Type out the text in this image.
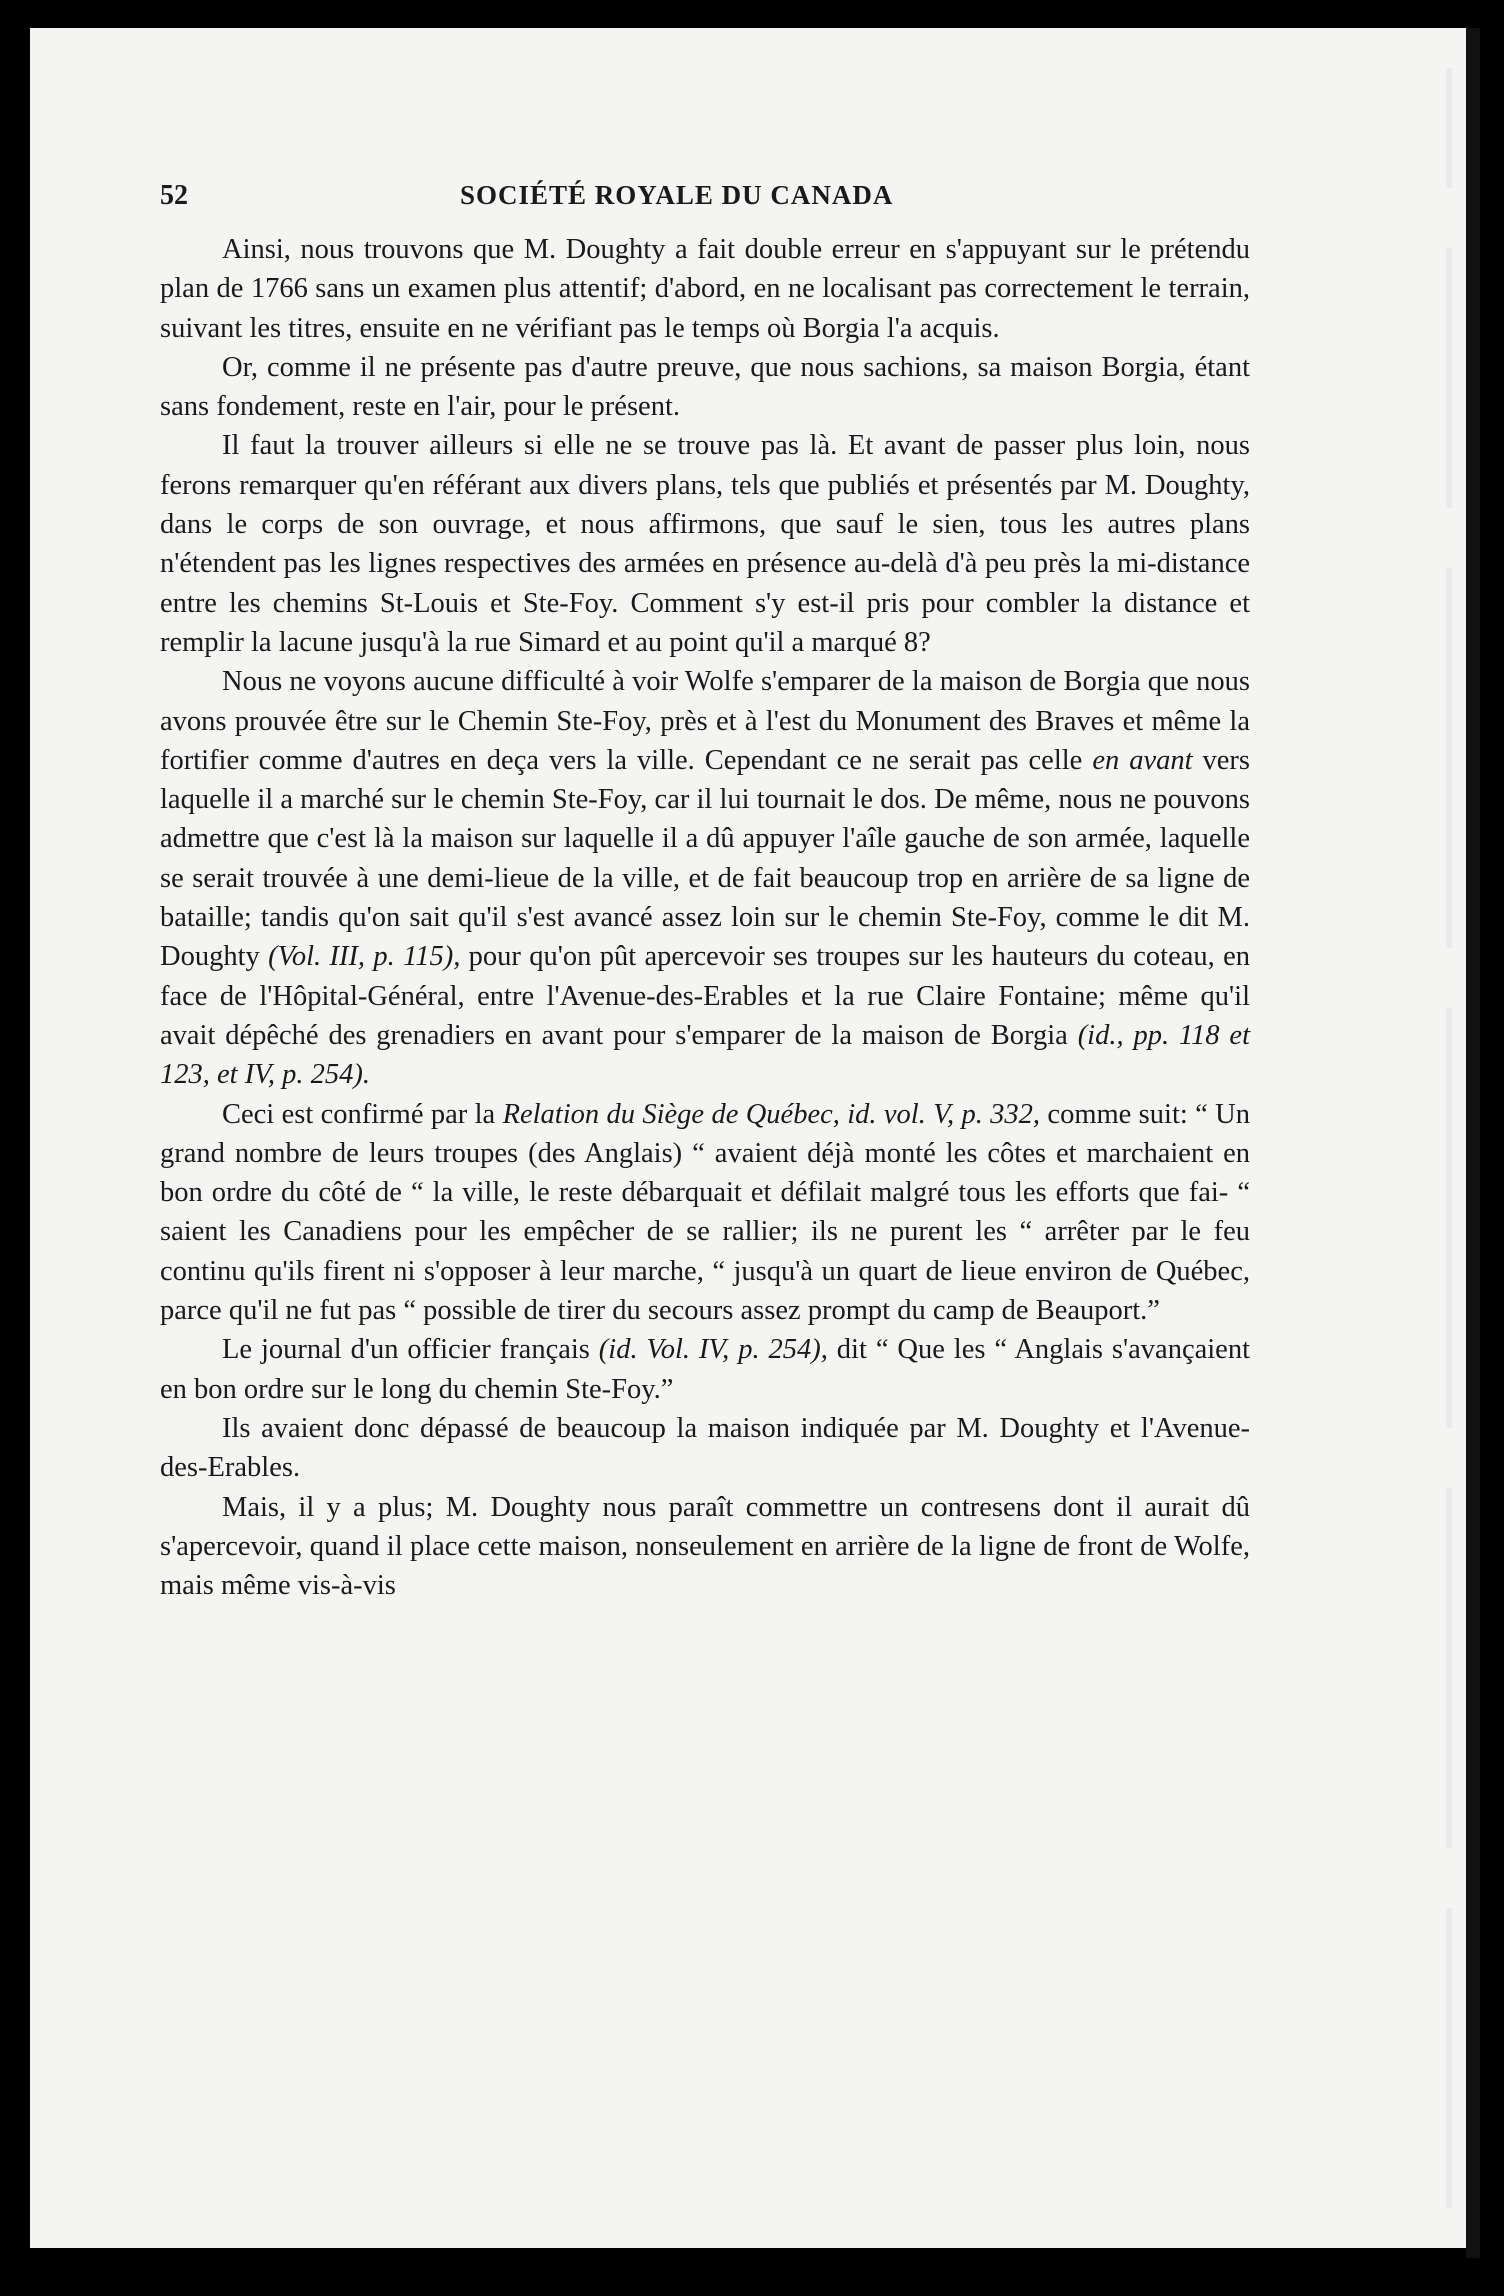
52	SOCIÉTÉ ROYALE DU CANADA

Ainsi, nous trouvons que M. Doughty a fait double erreur en s'appuyant sur le prétendu plan de 1766 sans un examen plus attentif; d'abord, en ne localisant pas correctement le terrain, suivant les titres, ensuite en ne vérifiant pas le temps où Borgia l'a acquis.

Or, comme il ne présente pas d'autre preuve, que nous sachions, sa maison Borgia, étant sans fondement, reste en l'air, pour le présent.

Il faut la trouver ailleurs si elle ne se trouve pas là. Et avant de passer plus loin, nous ferons remarquer qu'en référant aux divers plans, tels que publiés et présentés par M. Doughty, dans le corps de son ouvrage, et nous affirmons, que sauf le sien, tous les autres plans n'étendent pas les lignes respectives des armées en présence au-delà d'à peu près la mi-distance entre les chemins St-Louis et Ste-Foy. Comment s'y est-il pris pour combler la distance et remplir la lacune jusqu'à la rue Simard et au point qu'il a marqué 8?

Nous ne voyons aucune difficulté à voir Wolfe s'emparer de la maison de Borgia que nous avons prouvée être sur le Chemin Ste-Foy, près et à l'est du Monument des Braves et même la fortifier comme d'autres en deça vers la ville. Cependant ce ne serait pas celle en avant vers laquelle il a marché sur le chemin Ste-Foy, car il lui tournait le dos. De même, nous ne pouvons admettre que c'est là la maison sur laquelle il a dû appuyer l'aîle gauche de son armée, laquelle se serait trouvée à une demi-lieue de la ville, et de fait beaucoup trop en arrière de sa ligne de bataille; tandis qu'on sait qu'il s'est avancé assez loin sur le chemin Ste-Foy, comme le dit M. Doughty (Vol. III, p. 115), pour qu'on pût apercevoir ses troupes sur les hauteurs du coteau, en face de l'Hôpital-Général, entre l'Avenue-des-Erables et la rue Claire Fontaine; même qu'il avait dépêché des grenadiers en avant pour s'emparer de la maison de Borgia (id., pp. 118 et 123, et IV, p. 254).

Ceci est confirmé par la Relation du Siège de Québec, id. vol. V, p. 332, comme suit: “ Un grand nombre de leurs troupes (des Anglais) “ avaient déjà monté les côtes et marchaient en bon ordre du côté de “ la ville, le reste débarquait et défilait malgré tous les efforts que fai- “ saient les Canadiens pour les empêcher de se rallier; ils ne purent les “ arrêter par le feu continu qu'ils firent ni s'opposer à leur marche, “ jusqu'à un quart de lieue environ de Québec, parce qu'il ne fut pas “ possible de tirer du secours assez prompt du camp de Beauport.”

Le journal d'un officier français (id. Vol. IV, p. 254), dit “ Que les “ Anglais s'avançaient en bon ordre sur le long du chemin Ste-Foy.”

Ils avaient donc dépassé de beaucoup la maison indiquée par M. Doughty et l'Avenue-des-Erables.

Mais, il y a plus; M. Doughty nous paraît commettre un contresens dont il aurait dû s'apercevoir, quand il place cette maison, nonseulement en arrière de la ligne de front de Wolfe, mais même vis-à-vis
